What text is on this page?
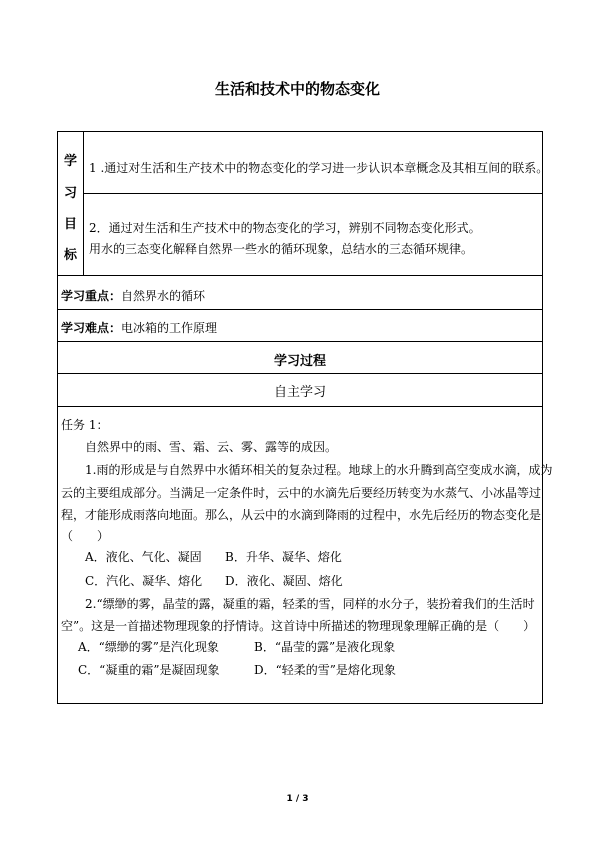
生活和技术中的物态变化
学
习
目
标
1 .通过对生活和生产技术中的物态变化的学习进一步认识本章概念及其相互间的联系。
2．通过对生活和生产技术中的物态变化的学习，辨别不同物态变化形式。
用水的三态变化解释自然界一些水的循环现象，总结水的三态循环规律。
学习重点：自然界水的循环
学习难点：电冰箱的工作原理
学习过程
自主学习
任务 1：
自然界中的雨、雪、霜、云、雾、露等的成因。
1.雨的形成是与自然界中水循环相关的复杂过程。地球上的水升腾到高空变成水滴，成为
云的主要组成部分。当满足一定条件时，云中的水滴先后要经历转变为水蒸气、小冰晶等过
程，才能形成雨落向地面。那么，从云中的水滴到降雨的过程中，水先后经历的物态变化是
（　　）
A．液化、气化、凝固 B．升华、凝华、熔化
C．汽化、凝华、熔化 D．液化、凝固、熔化
2.“缥缈的雾，晶莹的露，凝重的霜，轻柔的雪，同样的水分子，装扮着我们的生活时
空”。这是一首描述物理现象的抒情诗。这首诗中所描述的物理现象理解正确的是（　　）
A．“缥缈的雾”是汽化现象	B．“晶莹的露”是液化现象
C．“凝重的霜”是凝固现象	D．“轻柔的雪”是熔化现象
1 / 3
